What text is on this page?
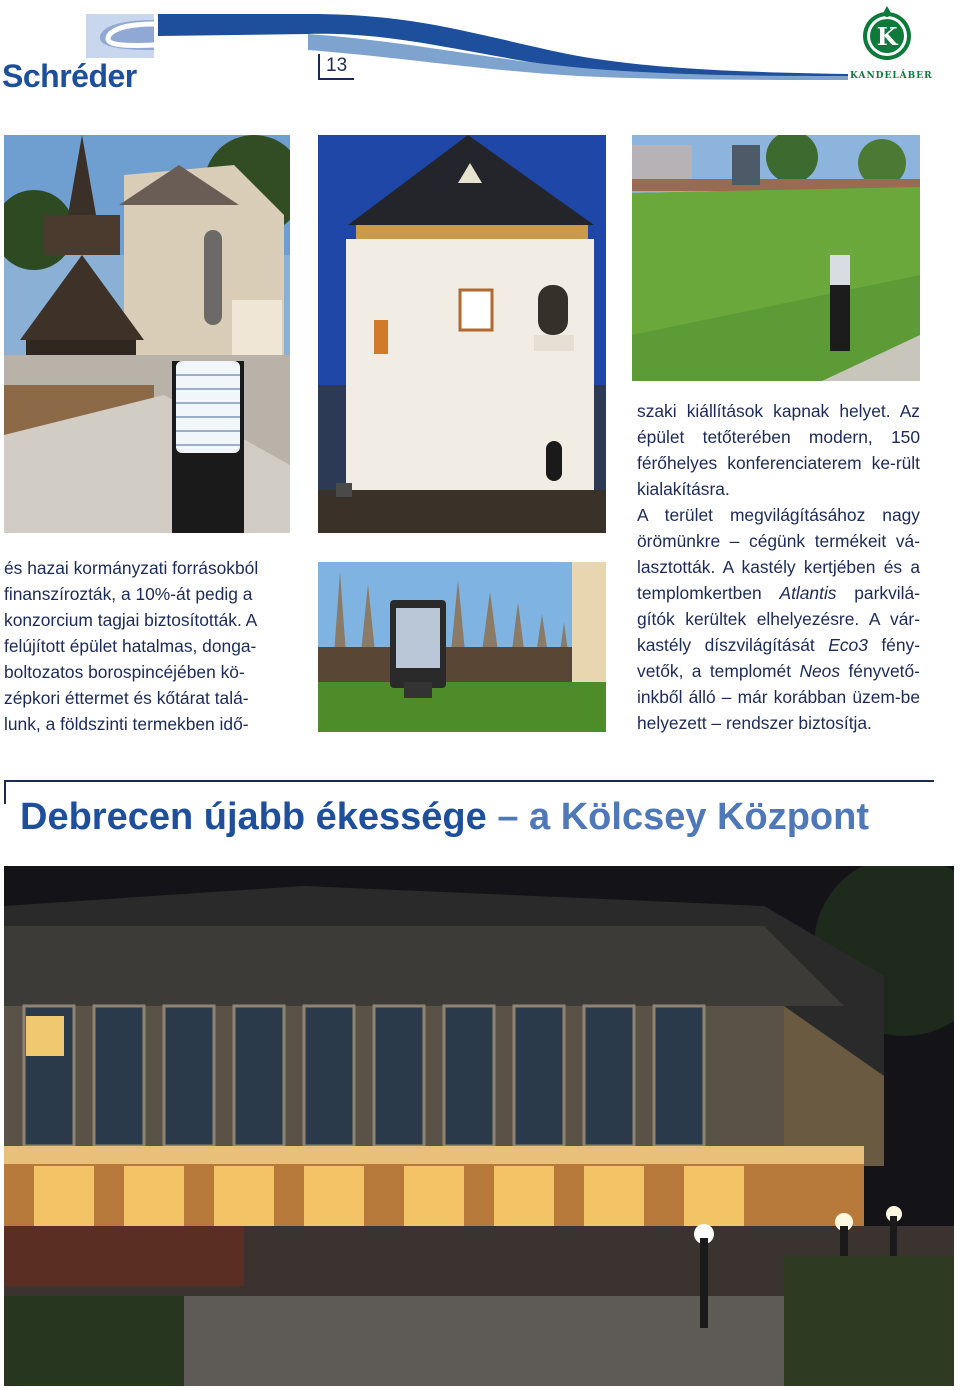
Schréder	13
K
KANDELÁBER

és hazai kormányzati forrásokból

finanszírozták, a 10%-át pedig a

konzorcium tagjai biztosították. A

felújított épület hatalmas, donga-

boltozatos borospincéjében kö-

zépkori éttermet és kőtárat talá-

lunk, a földszinti termekben idő-

szaki kiállítások kapnak helyet. Az épület tetőterében modern, 150 férőhelyes konferenciaterem ke-rült kialakításra.

A terület megvilágításához nagy örömünkre – cégünk termékeit vá-lasztották. A kastély kertjében és a templomkertben Atlantis parkvilá-gítók kerültek elhelyezésre. A vár-kastély díszvilágítását Eco3 fény-vetők, a templomét Neos fényvető-inkből álló – már korábban üzem-be helyezett – rendszer biztosítja.

Debrecen újabb ékessége – a Kölcsey Központ
